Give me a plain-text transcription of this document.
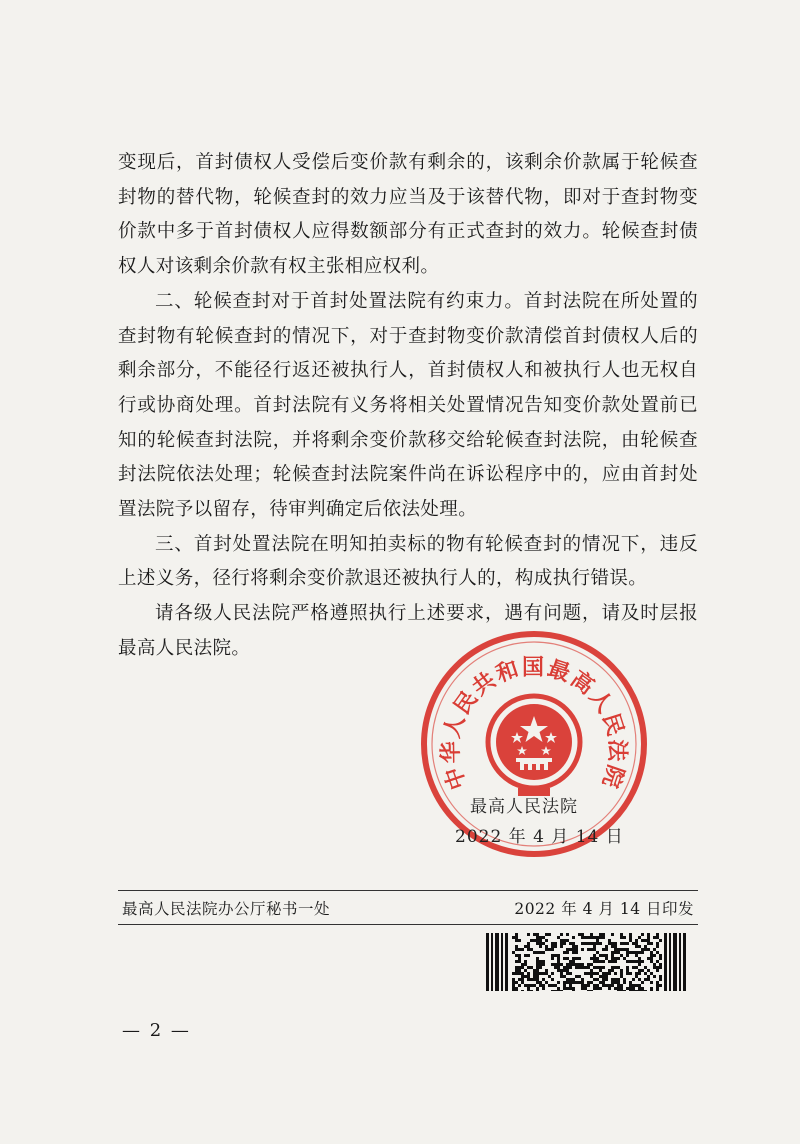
变现后，首封债权人受偿后变价款有剩余的，该剩余价款属于轮候查封物的替代物，轮候查封的效力应当及于该替代物，即对于查封物变价款中多于首封债权人应得数额部分有正式查封的效力。轮候查封债权人对该剩余价款有权主张相应权利。

二、轮候查封对于首封处置法院有约束力。首封法院在所处置的查封物有轮候查封的情况下，对于查封物变价款清偿首封债权人后的剩余部分，不能径行返还被执行人，首封债权人和被执行人也无权自行或协商处理。首封法院有义务将相关处置情况告知变价款处置前已知的轮候查封法院，并将剩余变价款移交给轮候查封法院，由轮候查封法院依法处理；轮候查封法院案件尚在诉讼程序中的，应由首封处置法院予以留存，待审判确定后依法处理。

三、首封处置法院在明知拍卖标的物有轮候查封的情况下，违反上述义务，径行将剩余变价款退还被执行人的，构成执行错误。

请各级人民法院严格遵照执行上述要求，遇有问题，请及时层报最高人民法院。

中华人民共和国最高人民法院
最高人民法院
2022 年 4 月 14 日
最高人民法院办公厅秘书一处	2022 年 4 月 14 日印发
— 2 —
